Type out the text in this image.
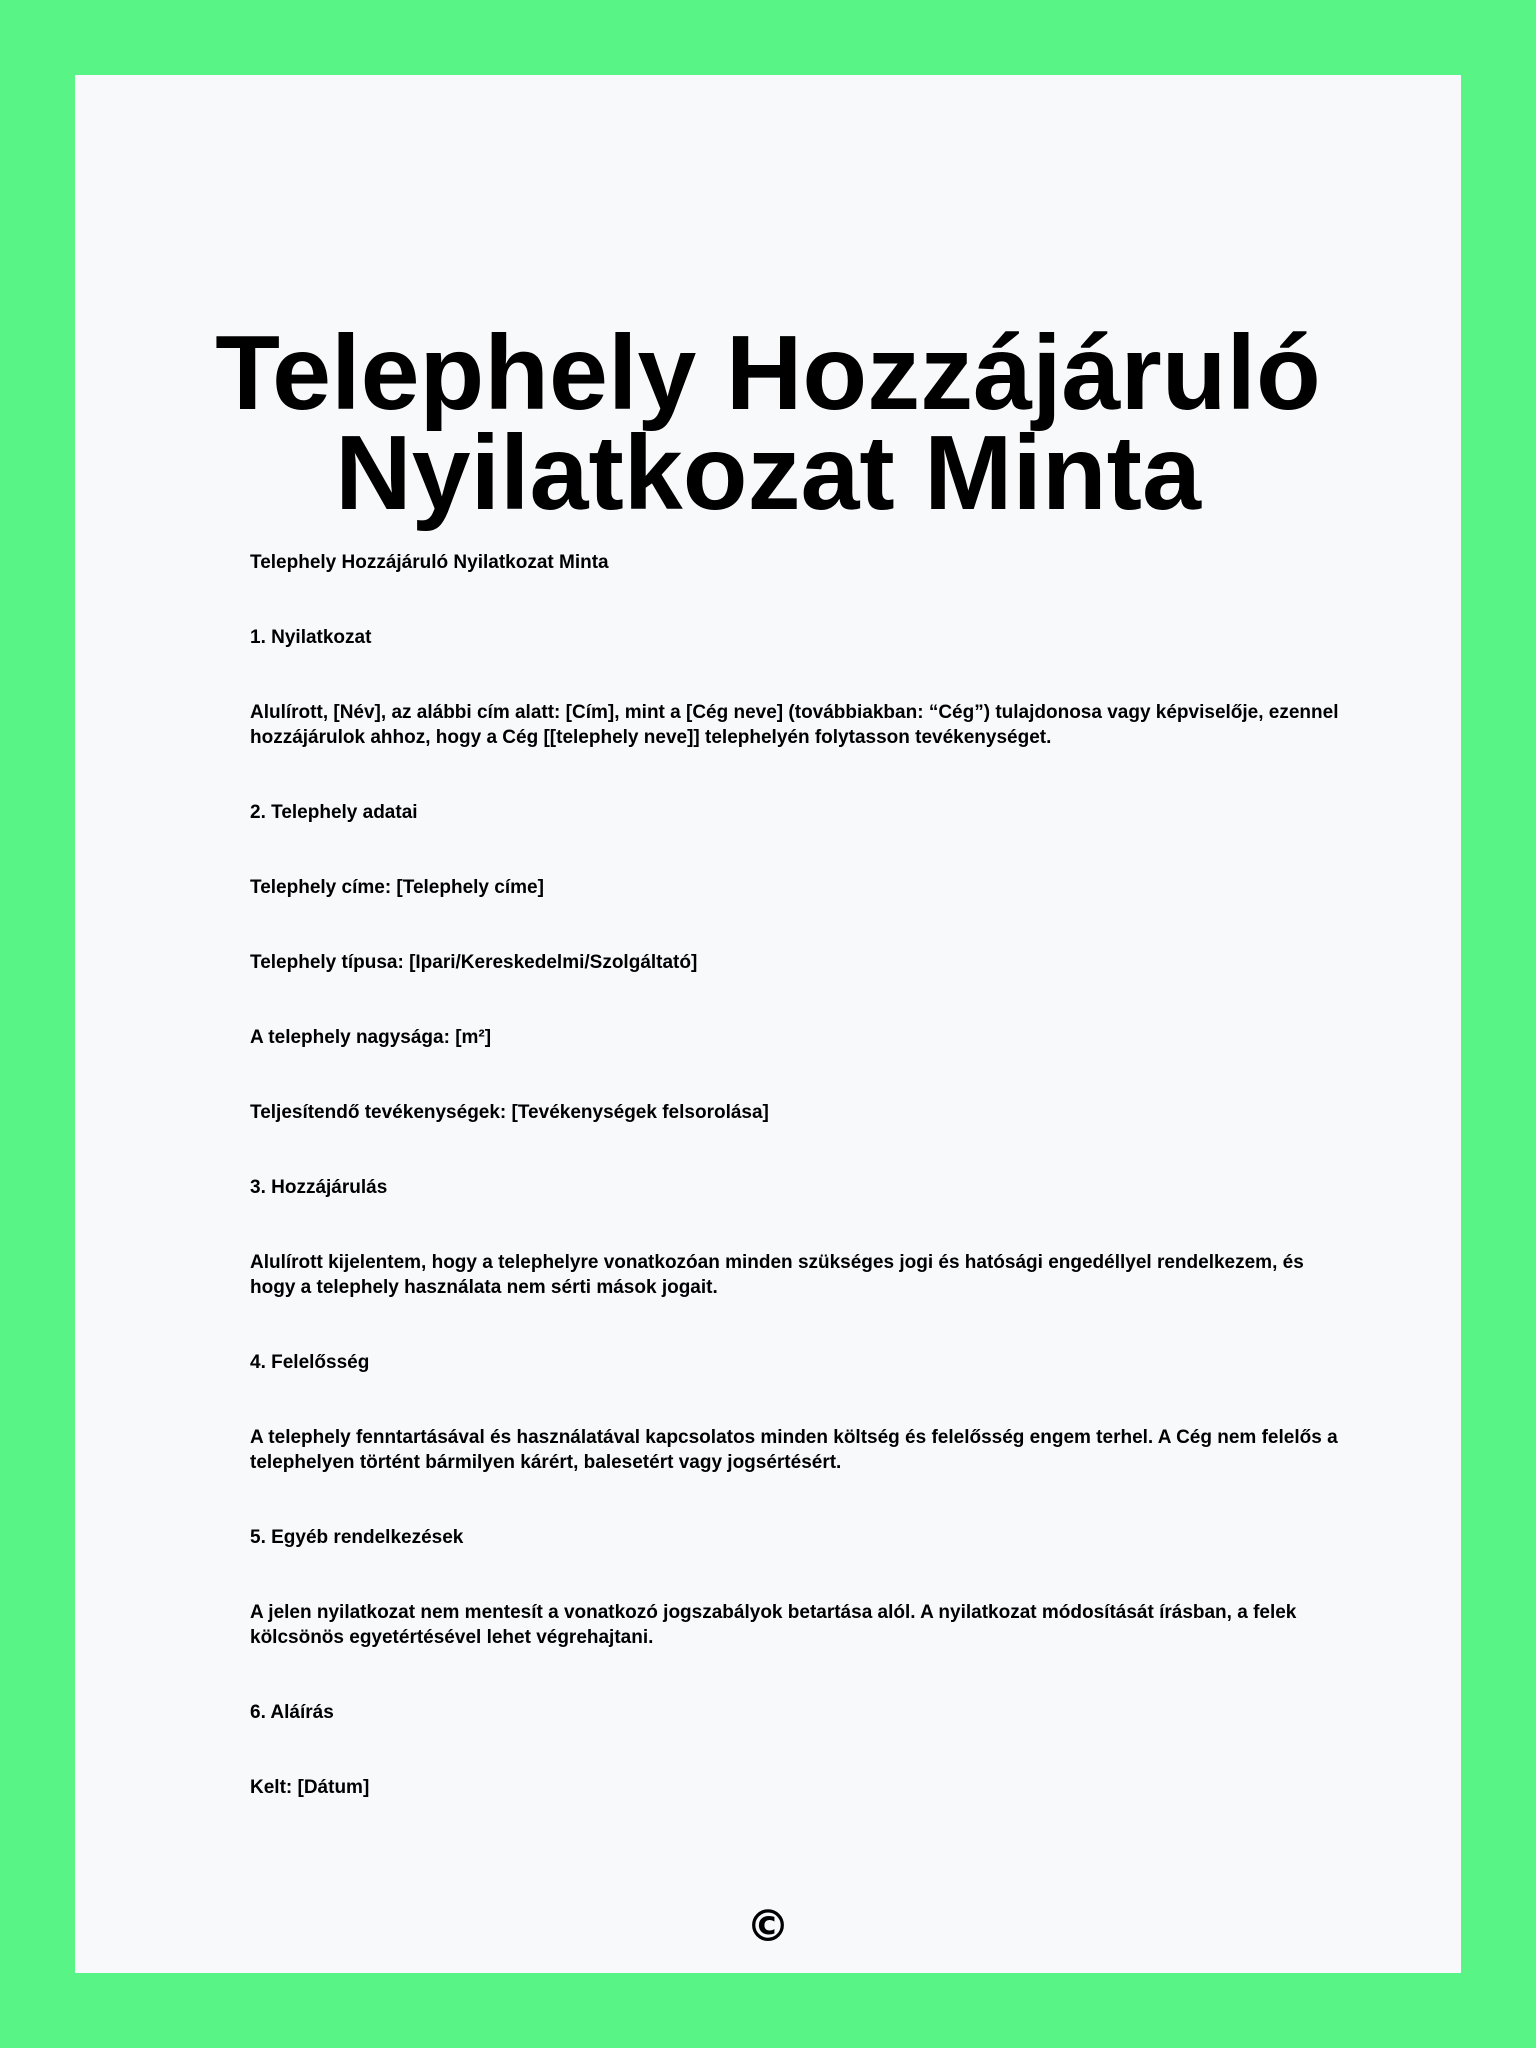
Telephely Hozzájáruló Nyilatkozat Minta

Telephely Hozzájáruló Nyilatkozat Minta

1. Nyilatkozat

Alulírott, [Név], az alábbi cím alatt: [Cím], mint a [Cég neve] (továbbiakban: “Cég”) tulajdonosa vagy képviselője, ezennel hozzájárulok ahhoz, hogy a Cég [[telephely neve]] telephelyén folytasson tevékenységet.

2. Telephely adatai

Telephely címe: [Telephely címe]

Telephely típusa: [Ipari/Kereskedelmi/Szolgáltató]

A telephely nagysága: [m²]

Teljesítendő tevékenységek: [Tevékenységek felsorolása]

3. Hozzájárulás

Alulírott kijelentem, hogy a telephelyre vonatkozóan minden szükséges jogi és hatósági engedéllyel rendelkezem, és hogy a telephely használata nem sérti mások jogait.

4. Felelősség

A telephely fenntartásával és használatával kapcsolatos minden költség és felelősség engem terhel. A Cég nem felelős a telephelyen történt bármilyen kárért, balesetért vagy jogsértésért.

5. Egyéb rendelkezések

A jelen nyilatkozat nem mentesít a vonatkozó jogszabályok betartása alól. A nyilatkozat módosítását írásban, a felek kölcsönös egyetértésével lehet végrehajtani.

6. Aláírás

Kelt: [Dátum]

©
